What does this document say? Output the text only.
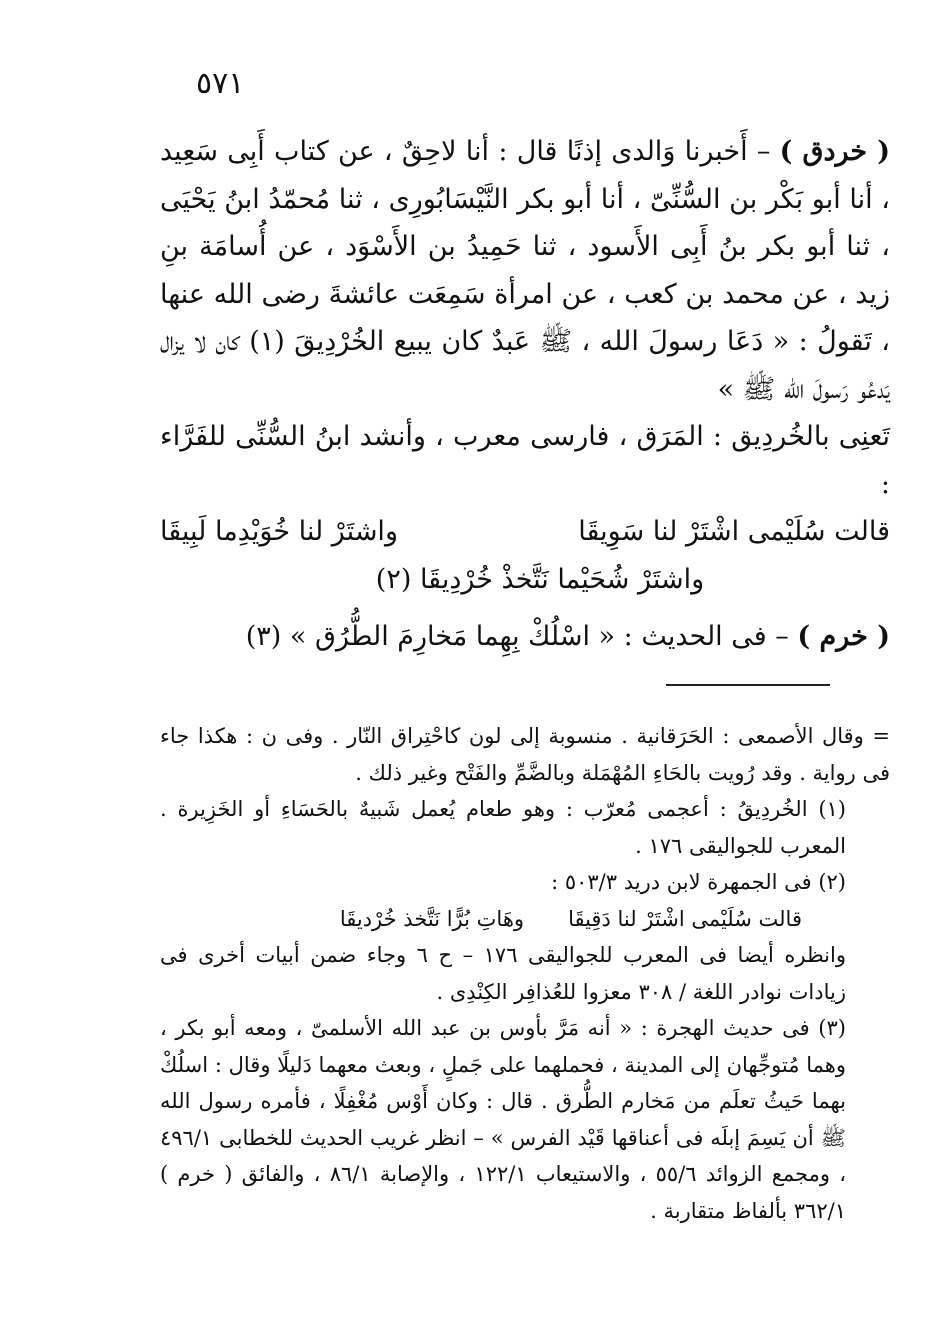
٥٧١

( خردق ) – أَخبرنا وَالدى إذنًا قال : أنا لاحِقٌ ، عن كتاب أَبِى سَعِيد ، أنا أبو بَكْر بن السُّنِّىّ ، أنا أبو بكر النَّيْسَابُورِى ، ثنا مُحمّدُ ابنُ يَحْيَى ، ثنا أبو بكر بنُ أَبِى الأَسود ، ثنا حَمِيدُ بن الأَسْوَد ، عن أُسامَة بنِ زيد ، عن محمد بن كعب ، عن امرأة سَمِعَت عائشةَ رضى الله عنها ، تَقولُ : « دَعَا رسولَ الله ، ﷺ عَبدٌ كان يبيع الخُرْدِيقَ (١) كان لا يزال يَدعُو رَسولَ الله ﷺ »

تَعنِى بالخُردِيق : المَرَق ، فارسى معرب ، وأنشد ابنُ السُّنِّى للفَرَّاء :

قالت سُلَيْمى اشْتَرْ لنا سَوِيقَا
واشتَرْ لنا خُوَيْدِما لَبِيقَا
واشتَرْ شُحَيْما نَتَّخذْ خُرْدِيقَا (٢)

( خرم ) – فى الحديث : « اسْلُكْ بِهِما مَخارِمَ الطُّرُق » (٣)

= وقال الأصمعى : الحَرَقانية . منسوبة إلى لون كاحْتِراق النّار . وفى ن : هكذا جاء فى رواية . وقد رُويت بالحَاءِ المُهْمَلة وبالضَّمِّ والفَتْح وغير ذلك .

(١) الخُردِيقُ : أعجمى مُعرّب : وهو طعام يُعمل شَبيهٌ بالحَسَاءِ أو الخَزِيرة . المعرب للجواليقى ١٧٦ .

(٢) فى الجمهرة لابن دريد ٥٠٣/٣ :

قالت سُلَيْمى اشْتَرْ لنا دَقِيقَا
وهَاتِ بُرًّا نَتَّخذ خُرْديقَا

وانظره أيضا فى المعرب للجواليقى ١٧٦ – ح ٦ وجاء ضمن أبيات أخرى فى زيادات نوادر اللغة / ٣٠٨ معزوا للعُذافِر الكِنْدِى .

(٣) فى حديث الهجرة : « أنه مَرَّ بأوس بن عبد الله الأسلمىّ ، ومعه أبو بكر ، وهما مُتوجِّهان إلى المدينة ، فحملهما على جَملٍ ، وبعث معهما دَليلًا وقال : اسلُكْ بهما حَيثُ تعلَم من مَخارم الطُّرق . قال : وكان أَوْس مُغْفِلًا ، فأمره رسول الله ﷺ أن يَسِمَ إبلَه فى أعناقها قَيْد الفرس » – انظر غريب الحديث للخطابى ٤٩٦/١ ، ومجمع الزوائد ٥٥/٦ ، والاستيعاب ١٢٢/١ ، والإصابة ٨٦/١ ، والفائق ( خرم ) ٣٦٢/١ بألفاظ متقاربة .
